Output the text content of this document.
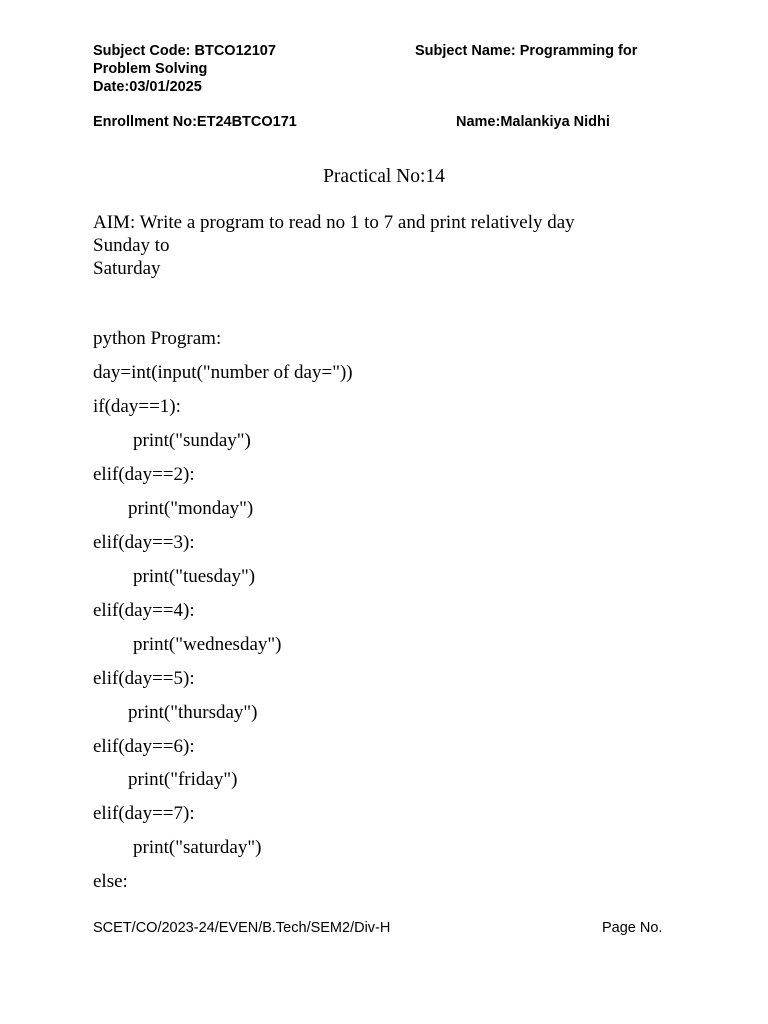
Subject Code: BTCO12107	Subject Name: Programming for
Problem Solving
Date:03/01/2025
Enrollment No:ET24BTCO171	Name:Malankiya Nidhi
Practical No:14
AIM: Write a program to read no 1 to 7 and print relatively day
Sunday to
Saturday
python Program:
day=int(input("number of day="))
if(day==1):
print("sunday")
elif(day==2):
print("monday")
elif(day==3):
print("tuesday")
elif(day==4):
print("wednesday")
elif(day==5):
print("thursday")
elif(day==6):
print("friday")
elif(day==7):
print("saturday")
else:
SCET/CO/2023-24/EVEN/B.Tech/SEM2/Div-H	Page No.
